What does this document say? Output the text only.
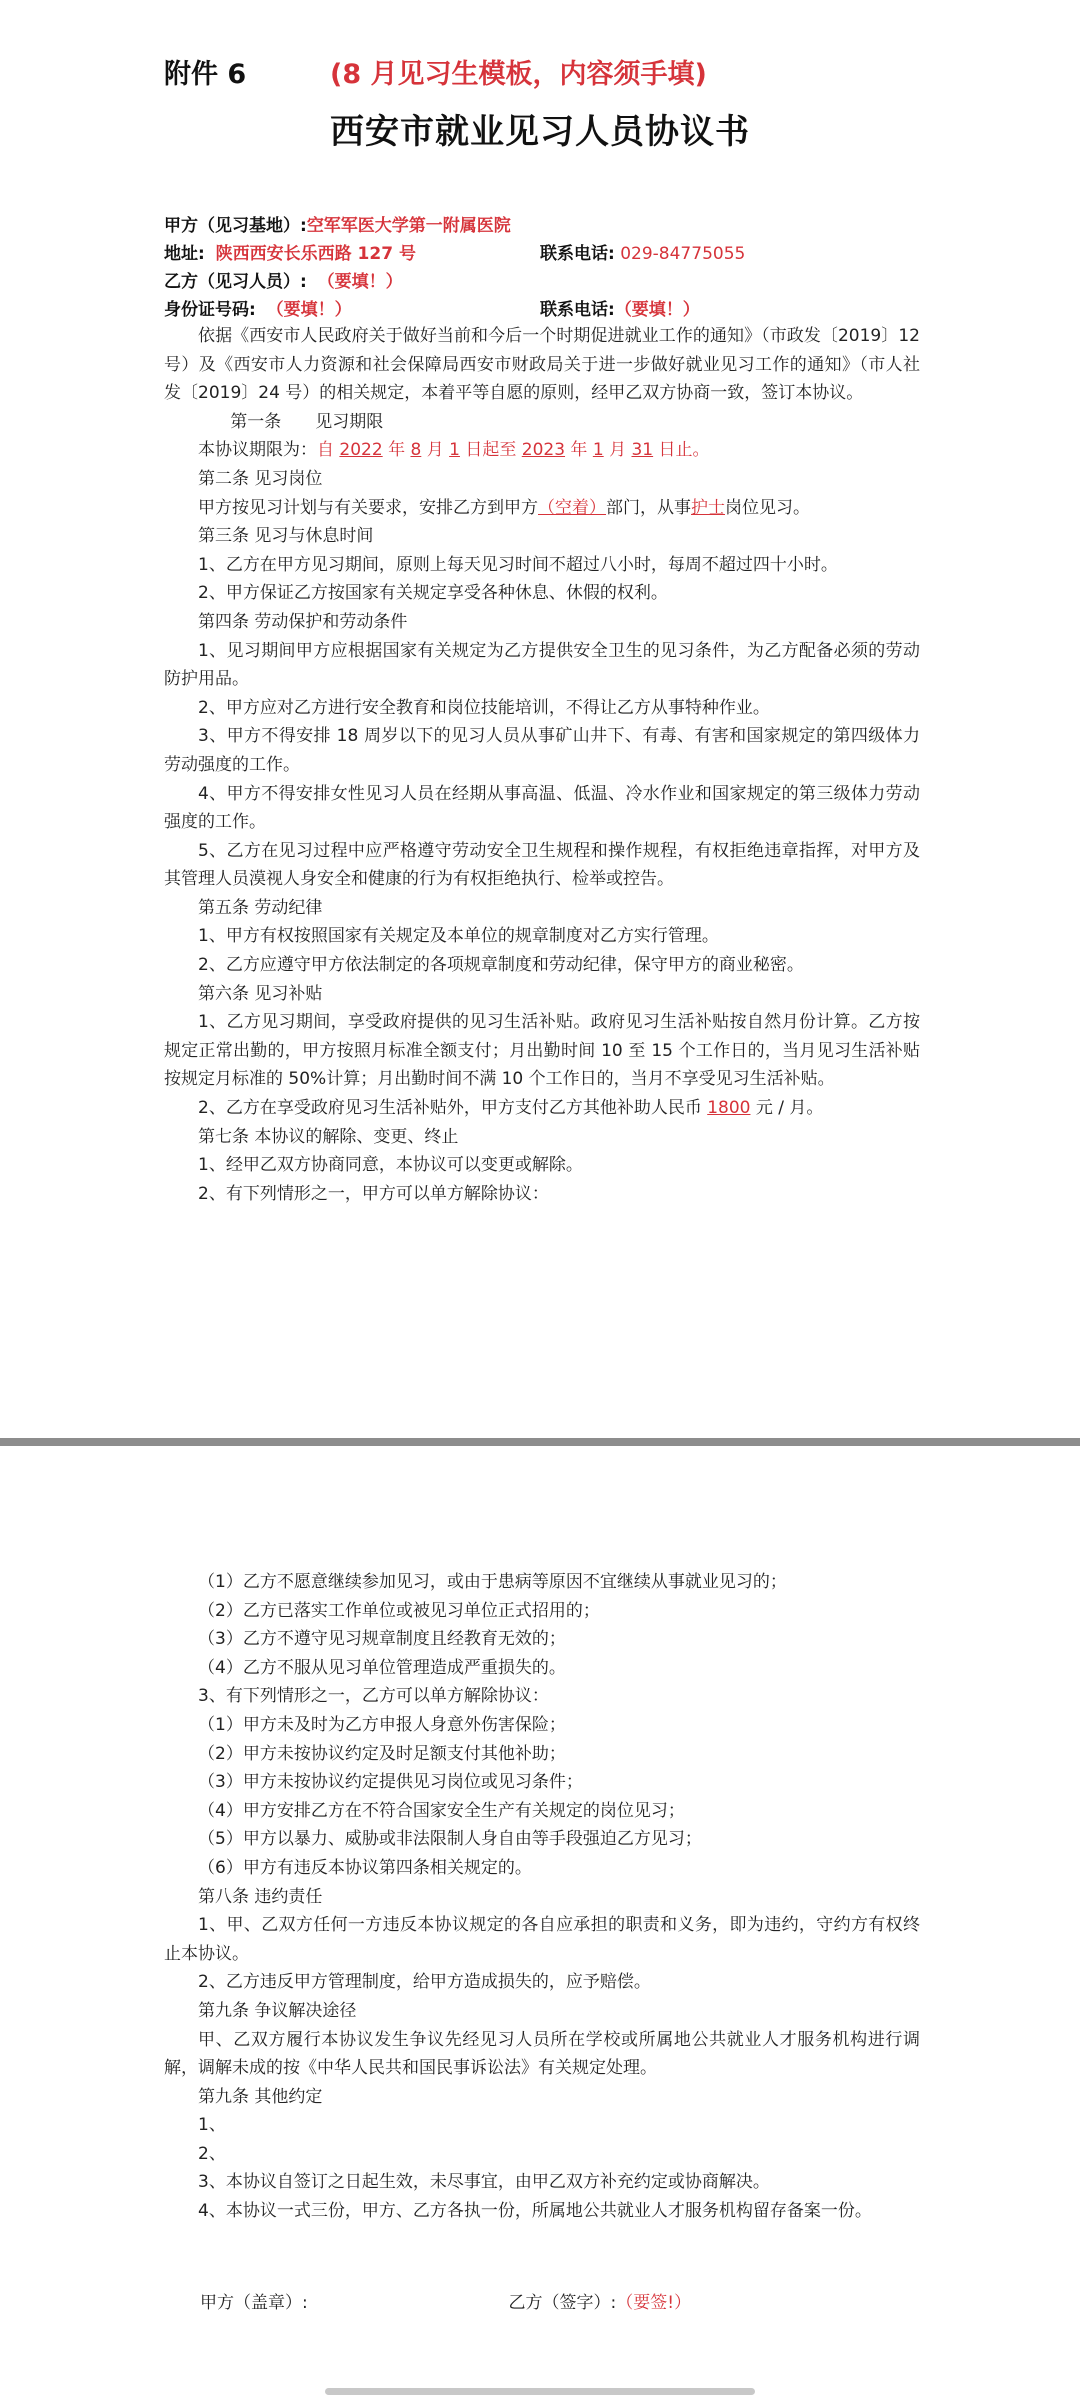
附件 6	(8 月见习生模板，内容须手填)
西安市就业见习人员协议书
甲方（见习基地）:空军军医大学第一附属医院
地址: 陕西西安长乐西路 127 号	联系电话: 029-84775055
乙方（见习人员）: （要填！）
身份证号码: （要填！）	联系电话:（要填！）

依据《西安市人民政府关于做好当前和今后一个时期促进就业工作的通知》（市政发〔2019〕12 号）及《西安市人力资源和社会保障局西安市财政局关于进一步做好就业见习工作的通知》（市人社发〔2019〕24 号）的相关规定，本着平等自愿的原则，经甲乙双方协商一致，签订本协议。

第一条　　见习期限

本协议期限为：自 2022 年 8 月 1 日起至 2023 年 1 月 31 日止。

第二条 见习岗位

甲方按见习计划与有关要求，安排乙方到甲方（空着）部门，从事护士岗位见习。

第三条 见习与休息时间

1、乙方在甲方见习期间，原则上每天见习时间不超过八小时，每周不超过四十小时。

2、甲方保证乙方按国家有关规定享受各种休息、休假的权利。

第四条 劳动保护和劳动条件

1、见习期间甲方应根据国家有关规定为乙方提供安全卫生的见习条件，为乙方配备必须的劳动防护用品。

2、甲方应对乙方进行安全教育和岗位技能培训，不得让乙方从事特种作业。

3、甲方不得安排 18 周岁以下的见习人员从事矿山井下、有毒、有害和国家规定的第四级体力劳动强度的工作。

4、甲方不得安排女性见习人员在经期从事高温、低温、冷水作业和国家规定的第三级体力劳动强度的工作。

5、乙方在见习过程中应严格遵守劳动安全卫生规程和操作规程，有权拒绝违章指挥，对甲方及其管理人员漠视人身安全和健康的行为有权拒绝执行、检举或控告。

第五条 劳动纪律

1、甲方有权按照国家有关规定及本单位的规章制度对乙方实行管理。

2、乙方应遵守甲方依法制定的各项规章制度和劳动纪律，保守甲方的商业秘密。

第六条 见习补贴

1、乙方见习期间，享受政府提供的见习生活补贴。政府见习生活补贴按自然月份计算。乙方按规定正常出勤的，甲方按照月标准全额支付；月出勤时间 10 至 15 个工作日的，当月见习生活补贴按规定月标准的 50%计算；月出勤时间不满 10 个工作日的，当月不享受见习生活补贴。

2、乙方在享受政府见习生活补贴外，甲方支付乙方其他补助人民币 1800 元 / 月。

第七条 本协议的解除、变更、终止

1、经甲乙双方协商同意，本协议可以变更或解除。

2、有下列情形之一，甲方可以单方解除协议：

（1）乙方不愿意继续参加见习，或由于患病等原因不宜继续从事就业见习的；

（2）乙方已落实工作单位或被见习单位正式招用的；

（3）乙方不遵守见习规章制度且经教育无效的；

（4）乙方不服从见习单位管理造成严重损失的。

3、有下列情形之一，乙方可以单方解除协议：

（1）甲方未及时为乙方申报人身意外伤害保险；

（2）甲方未按协议约定及时足额支付其他补助；

（3）甲方未按协议约定提供见习岗位或见习条件；

（4）甲方安排乙方在不符合国家安全生产有关规定的岗位见习；

（5）甲方以暴力、威胁或非法限制人身自由等手段强迫乙方见习；

（6）甲方有违反本协议第四条相关规定的。

第八条 违约责任

1、甲、乙双方任何一方违反本协议规定的各自应承担的职责和义务，即为违约，守约方有权终止本协议。

2、乙方违反甲方管理制度，给甲方造成损失的，应予赔偿。

第九条 争议解决途径

甲、乙双方履行本协议发生争议先经见习人员所在学校或所属地公共就业人才服务机构进行调解，调解未成的按《中华人民共和国民事诉讼法》有关规定处理。

第九条 其他约定

1、

2、

3、本协议自签订之日起生效，未尽事宜，由甲乙双方补充约定或协商解决。

4、本协议一式三份，甲方、乙方各执一份，所属地公共就业人才服务机构留存备案一份。

甲方（盖章）:	乙方（签字）:（要签!）
